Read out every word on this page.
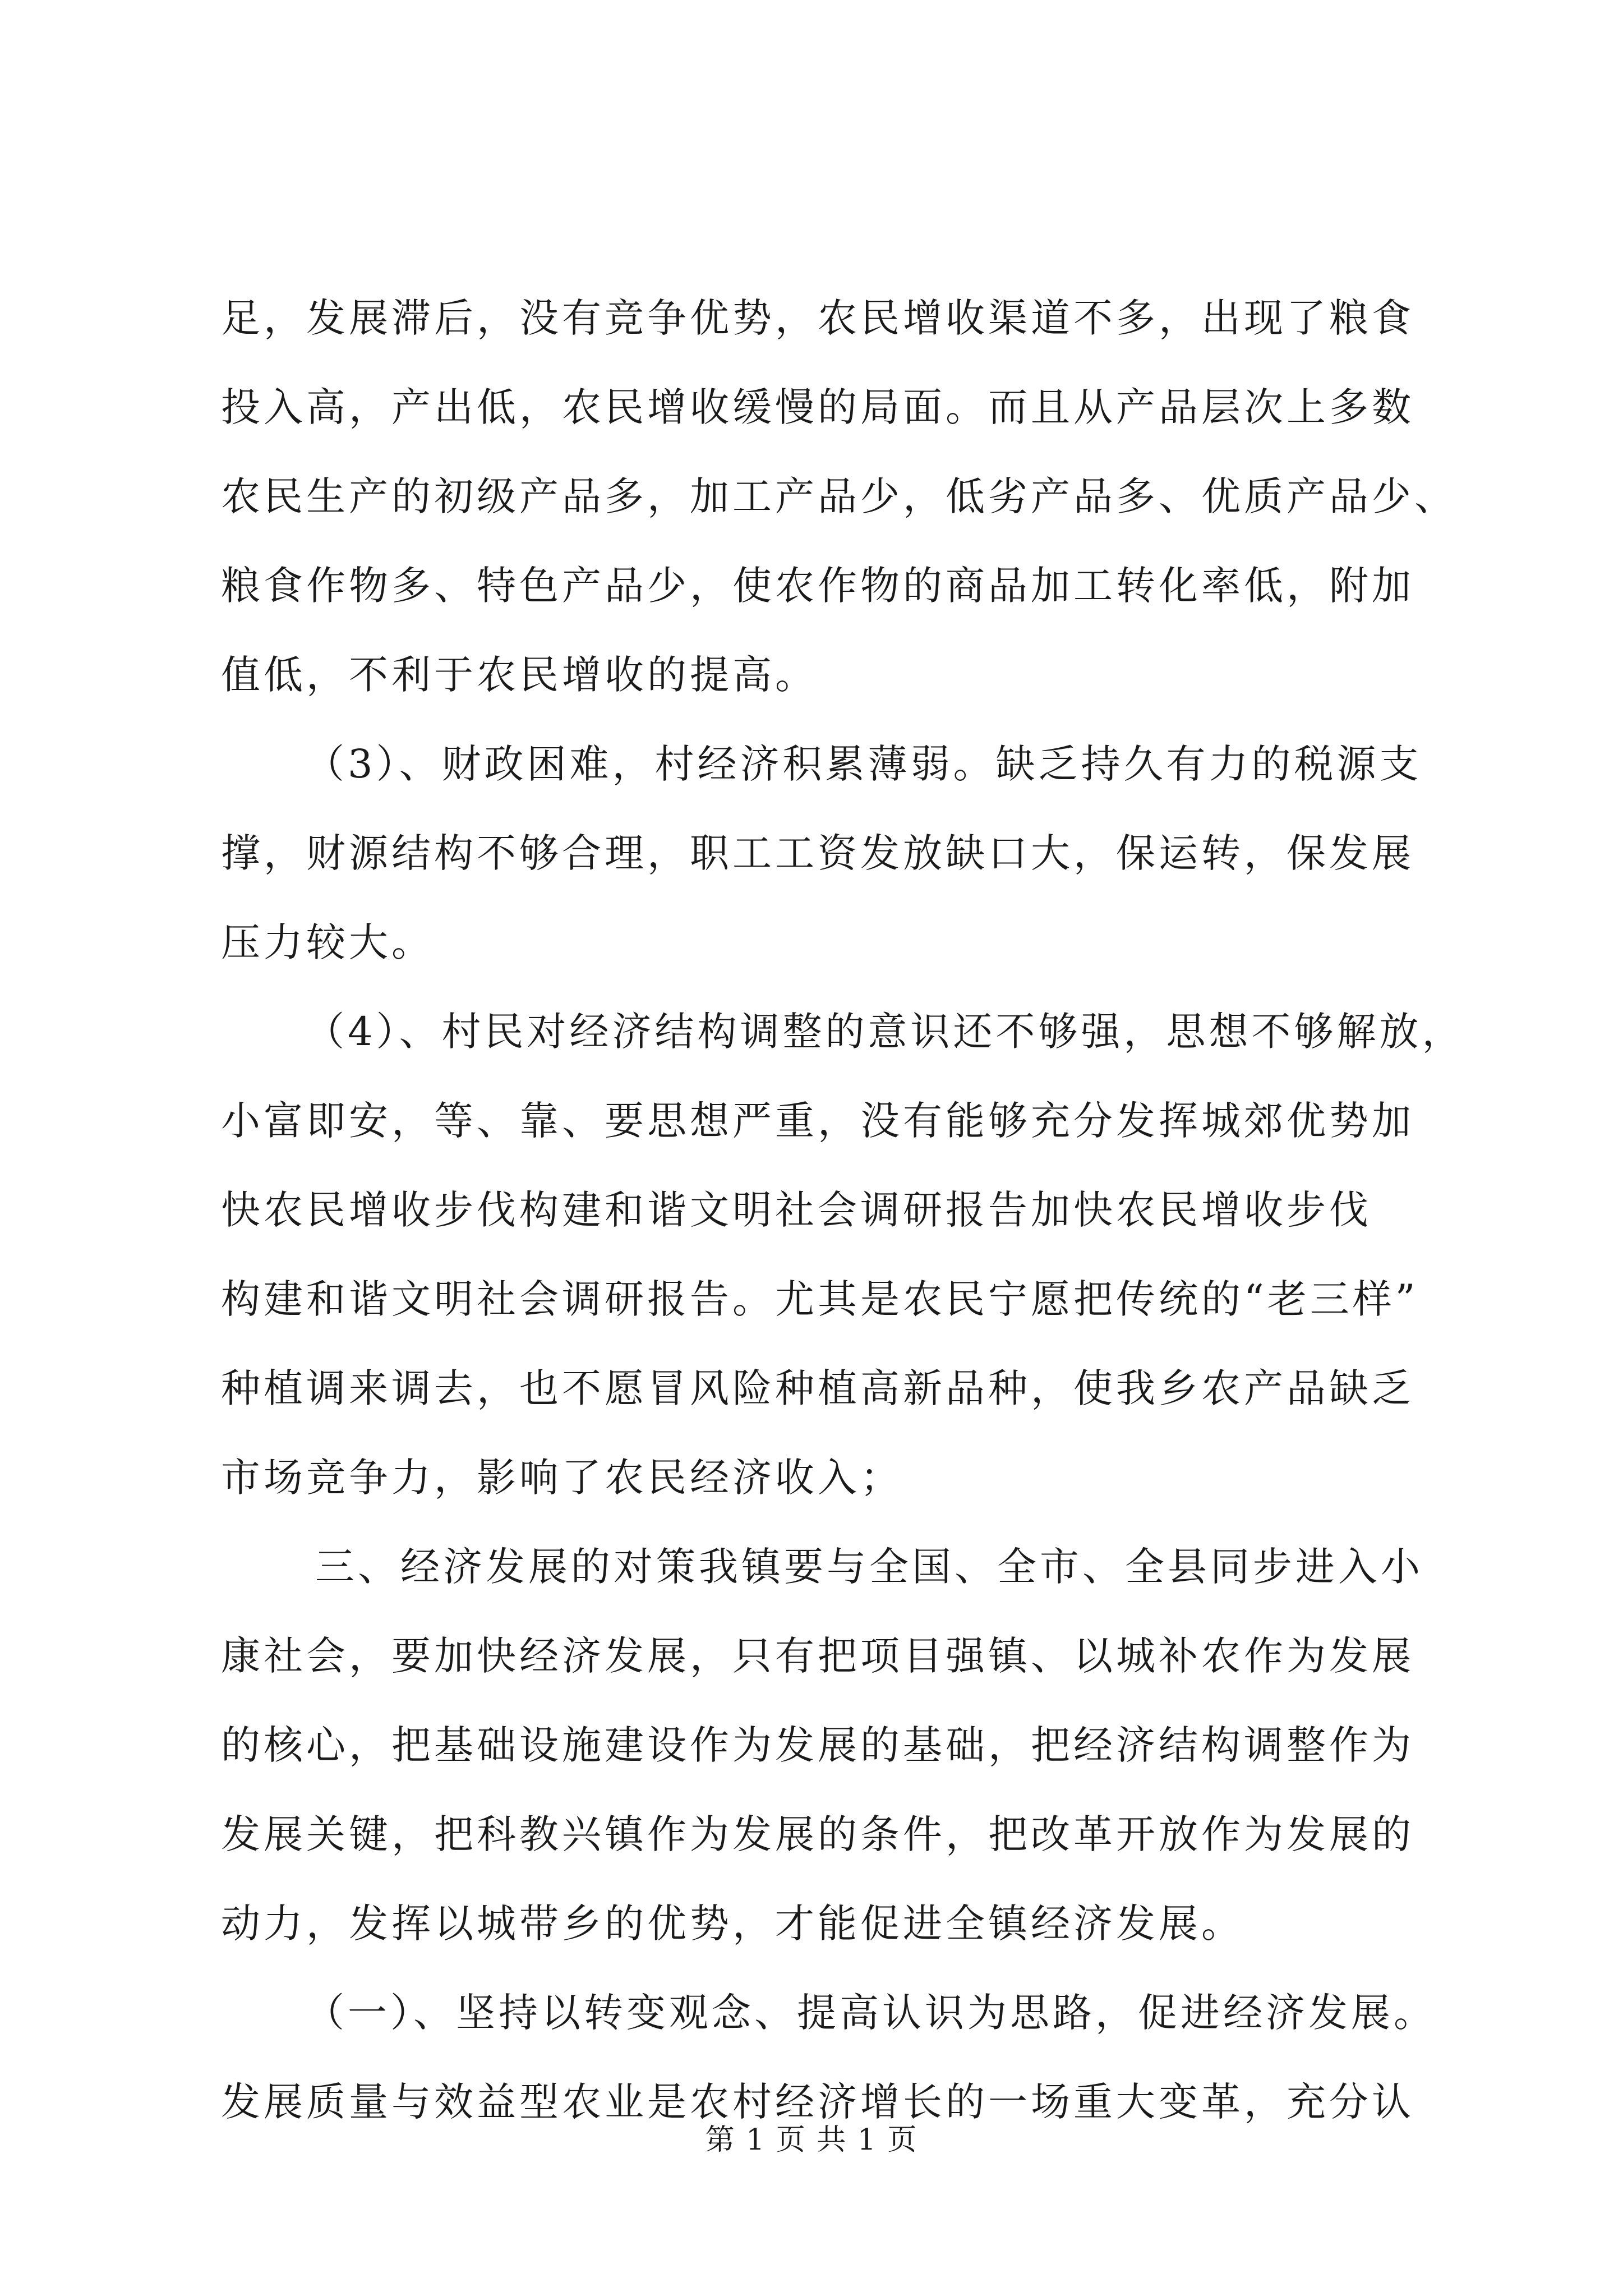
足，发展滞后，没有竞争优势，农民增收渠道不多，出现了粮食
投入高，产出低，农民增收缓慢的局面。而且从产品层次上多数
农民生产的初级产品多，加工产品少，低劣产品多、优质产品少、
粮食作物多、特色产品少，使农作物的商品加工转化率低，附加
值低，不利于农民增收的提高。
（3）、财政困难，村经济积累薄弱。缺乏持久有力的税源支
撑，财源结构不够合理，职工工资发放缺口大，保运转，保发展
压力较大。
（4）、村民对经济结构调整的意识还不够强，思想不够解放，
小富即安，等、靠、要思想严重，没有能够充分发挥城郊优势加
快农民增收步伐构建和谐文明社会调研报告加快农民增收步伐
构建和谐文明社会调研报告。尤其是农民宁愿把传统的“老三样”
种植调来调去，也不愿冒风险种植高新品种，使我乡农产品缺乏
市场竞争力，影响了农民经济收入；
三、经济发展的对策我镇要与全国、全市、全县同步进入小
康社会，要加快经济发展，只有把项目强镇、以城补农作为发展
的核心，把基础设施建设作为发展的基础，把经济结构调整作为
发展关键，把科教兴镇作为发展的条件，把改革开放作为发展的
动力，发挥以城带乡的优势，才能促进全镇经济发展。
（一）、坚持以转变观念、提高认识为思路，促进经济发展。
发展质量与效益型农业是农村经济增长的一场重大变革，充分认
第 1 页 共 1 页
